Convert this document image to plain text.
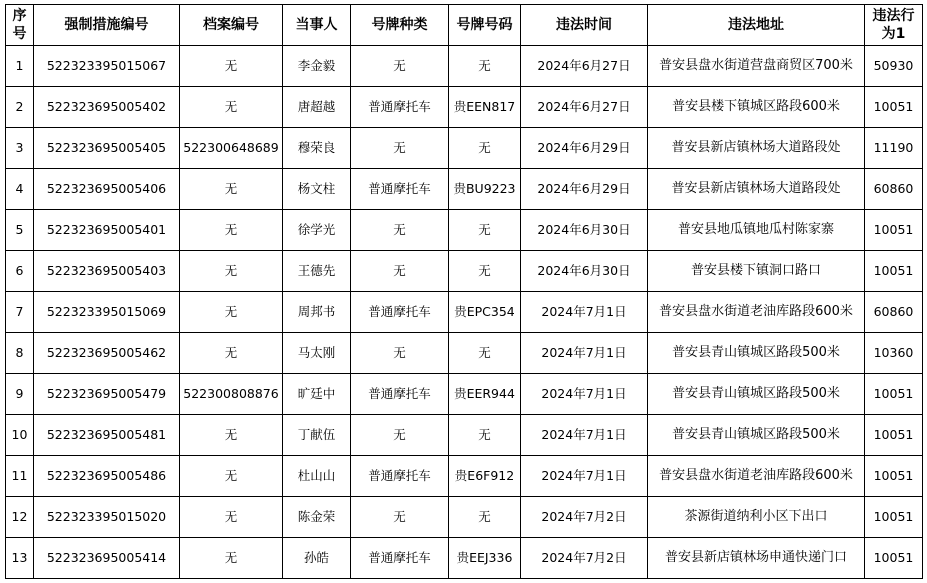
序号	强制措施编号	档案编号	当事人	号牌种类	号牌号码	违法时间	违法地址	违法行为1
1	522323395015067	无	李金毅	无	无	2024年6月27日	普安县盘水街道营盘商贸区700米	50930
2	522323695005402	无	唐超越	普通摩托车	贵EEN817	2024年6月27日	普安县楼下镇城区路段600米	10051
3	522323695005405	522300648689	穆荣良	无	无	2024年6月29日	普安县新店镇林场大道路段处	11190
4	522323695005406	无	杨文柱	普通摩托车	贵BU9223	2024年6月29日	普安县新店镇林场大道路段处	60860
5	522323695005401	无	徐学光	无	无	2024年6月30日	普安县地瓜镇地瓜村陈家寨	10051
6	522323695005403	无	王德先	无	无	2024年6月30日	普安县楼下镇洞口路口	10051
7	522323395015069	无	周邦书	普通摩托车	贵EPC354	2024年7月1日	普安县盘水街道老油库路段600米	60860
8	522323695005462	无	马太刚	无	无	2024年7月1日	普安县青山镇城区路段500米	10360
9	522323695005479	522300808876	旷廷中	普通摩托车	贵EER944	2024年7月1日	普安县青山镇城区路段500米	10051
10	522323695005481	无	丁献伍	无	无	2024年7月1日	普安县青山镇城区路段500米	10051
11	522323695005486	无	杜山山	普通摩托车	贵E6F912	2024年7月1日	普安县盘水街道老油库路段600米	10051
12	522323395015020	无	陈金荣	无	无	2024年7月2日	茶源街道纳利小区下出口	10051
13	522323695005414	无	孙皓	普通摩托车	贵EEJ336	2024年7月2日	普安县新店镇林场申通快递门口	10051
